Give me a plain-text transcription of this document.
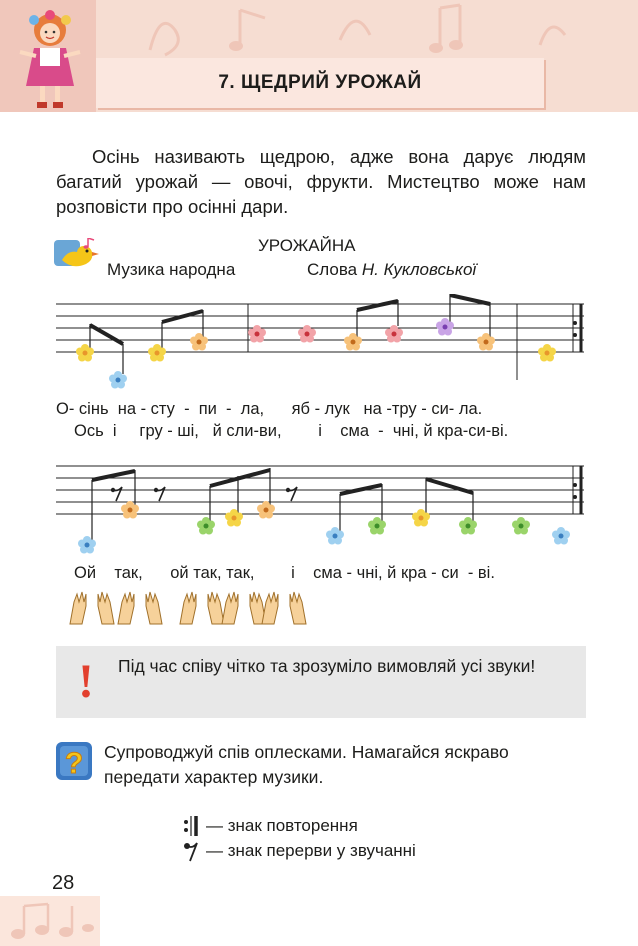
7. ЩЕДРИЙ УРОЖАЙ

Осінь називають щедрою, адже вона дарує людям багатий урожай — овочі, фрукти. Мистецтво може нам розповісти про осінні дари.

УРОЖАЙНА
Музика народна	Слова Н. Кукловської
О- сінь  на - сту  -  пи  -  ла,      яб - лук   на -тру - си- ла.
Ось  і     гру - ші,   й сли-ви,        і    сма  -  чні, й кра-си-ві.
Ой    так,      ой так, так,        і    сма - чні, й кра - си  - ві.
! Під час співу чітко та зрозуміло вимовляй усі звуки!
? Супроводжуй спів оплесками. Намагайся яскраво передати характер музики.
— знак повторення
— знак перерви у звучанні
28
